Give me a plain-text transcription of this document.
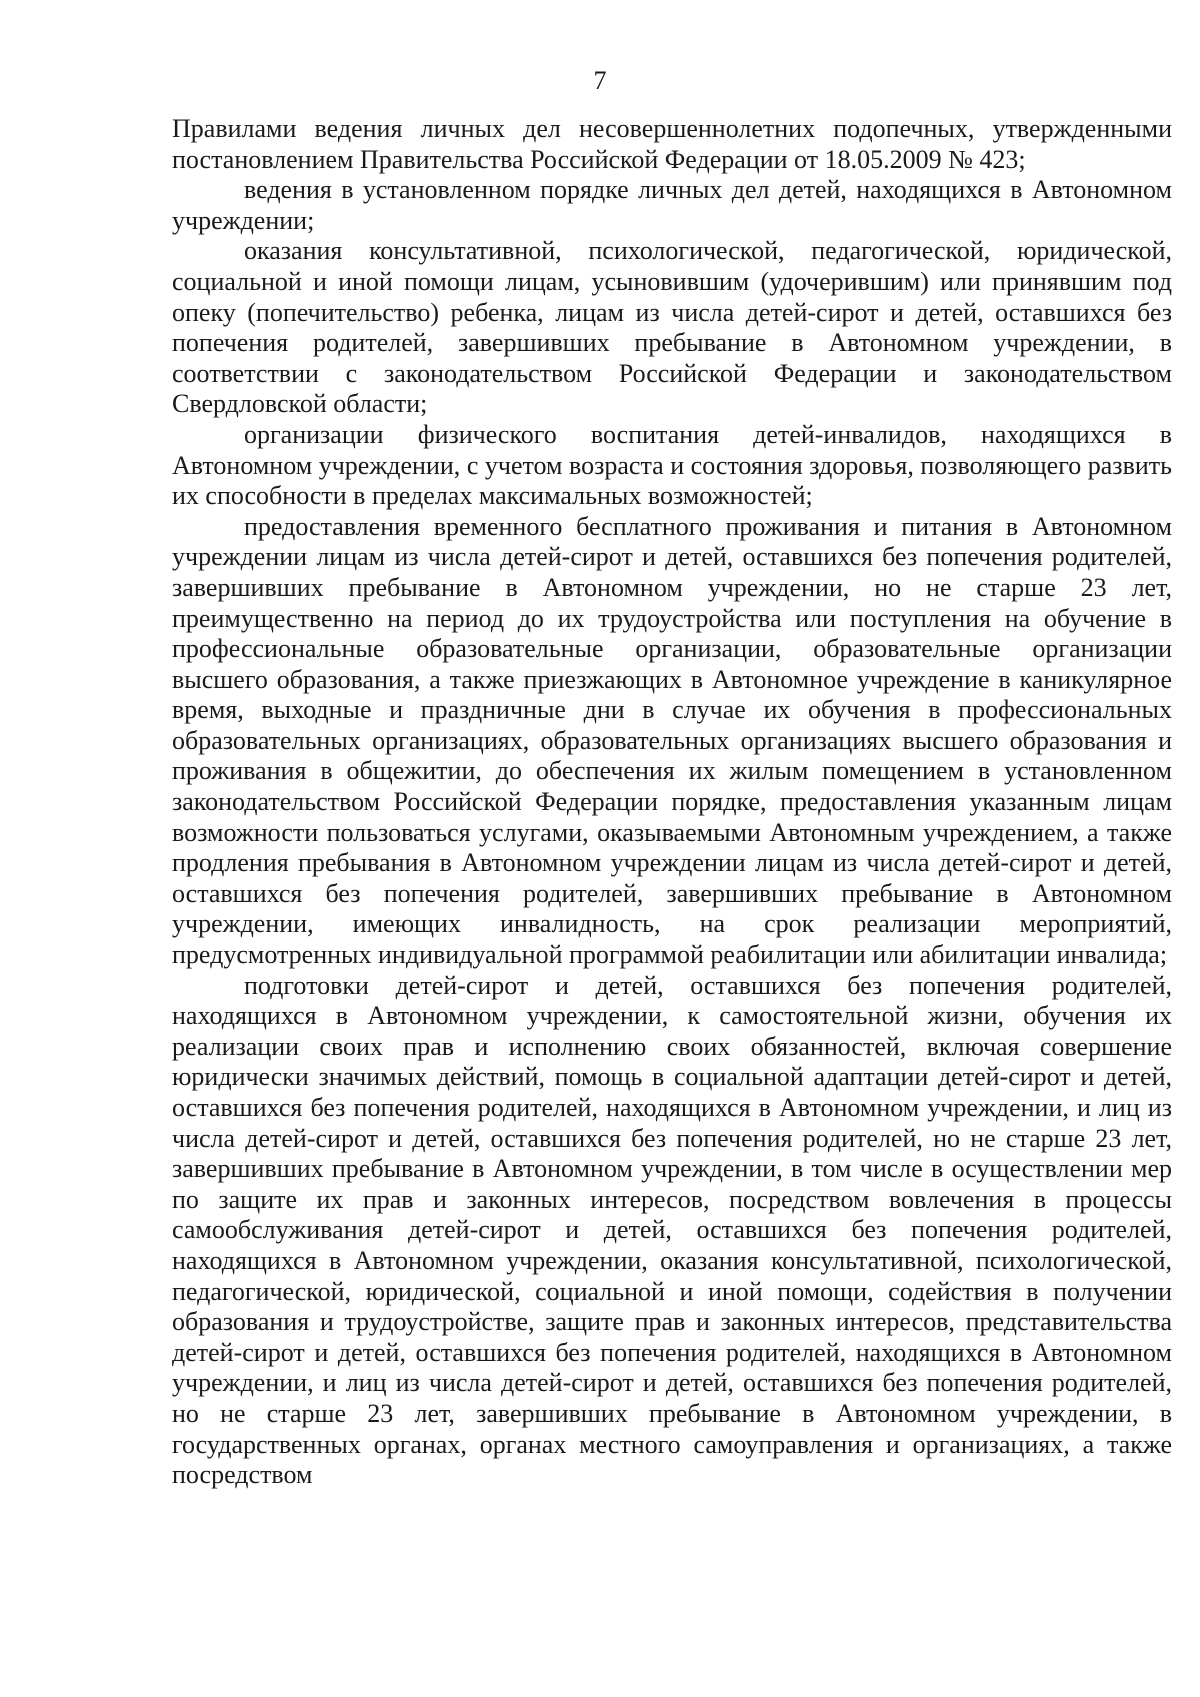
7

Правилами ведения личных дел несовершеннолетних подопечных, утвержденными постановлением Правительства Российской Федерации от 18.05.2009 № 423;

ведения в установленном порядке личных дел детей, находящихся в Автономном учреждении;

оказания консультативной, психологической, педагогической, юридической, социальной и иной помощи лицам, усыновившим (удочерившим) или принявшим под опеку (попечительство) ребенка, лицам из числа детей-сирот и детей, оставшихся без попечения родителей, завершивших пребывание в Автономном учреждении, в соответствии с законодательством Российской Федерации и законодательством Свердловской области;

организации физического воспитания детей-инвалидов, находящихся в Автономном учреждении, с учетом возраста и состояния здоровья, позволяющего развить их способности в пределах максимальных возможностей;

предоставления временного бесплатного проживания и питания в Автономном учреждении лицам из числа детей-сирот и детей, оставшихся без попечения родителей, завершивших пребывание в Автономном учреждении, но не старше 23 лет, преимущественно на период до их трудоустройства или поступления на обучение в профессиональные образовательные организации, образовательные организации высшего образования, а также приезжающих в Автономное учреждение в каникулярное время, выходные и праздничные дни в случае их обучения в профессиональных образовательных организациях, образовательных организациях высшего образования и проживания в общежитии, до обеспечения их жилым помещением в установленном законодательством Российской Федерации порядке, предоставления указанным лицам возможности пользоваться услугами, оказываемыми Автономным учреждением, а также продления пребывания в Автономном учреждении лицам из числа детей-сирот и детей, оставшихся без попечения родителей, завершивших пребывание в Автономном учреждении, имеющих инвалидность, на срок реализации мероприятий, предусмотренных индивидуальной программой реабилитации или абилитации инвалида;

подготовки детей-сирот и детей, оставшихся без попечения родителей, находящихся в Автономном учреждении, к самостоятельной жизни, обучения их реализации своих прав и исполнению своих обязанностей, включая совершение юридически значимых действий, помощь в социальной адаптации детей-сирот и детей, оставшихся без попечения родителей, находящихся в Автономном учреждении, и лиц из числа детей-сирот и детей, оставшихся без попечения родителей, но не старше 23 лет, завершивших пребывание в Автономном учреждении, в том числе в осуществлении мер по защите их прав и законных интересов, посредством вовлечения в процессы самообслуживания детей-сирот и детей, оставшихся без попечения родителей, находящихся в Автономном учреждении, оказания консультативной, психологической, педагогической, юридической, социальной и иной помощи, содействия в получении образования и трудоустройстве, защите прав и законных интересов, представительства детей-сирот и детей, оставшихся без попечения родителей, находящихся в Автономном учреждении, и лиц из числа детей-сирот и детей, оставшихся без попечения родителей, но не старше 23 лет, завершивших пребывание в Автономном учреждении, в государственных органах, органах местного самоуправления и организациях, а также посредством
